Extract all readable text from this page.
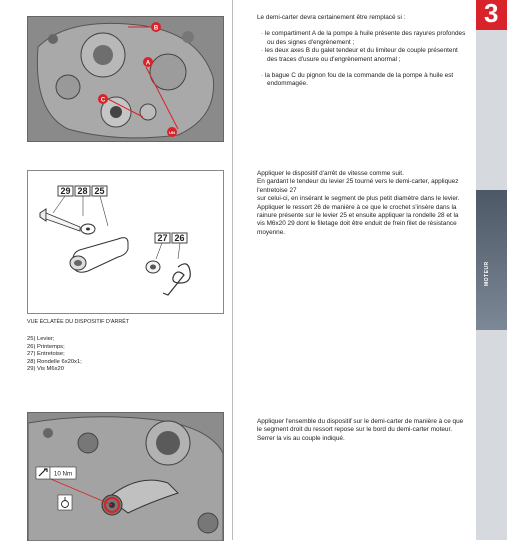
3
MOTEUR
B
A
C
UN

Le demi-carter devra certainement être remplacé si :

· le compartiment A de la pompe à huile présente des rayures profondes ou des signes d'engrènement ;

· les deux axes B du galet tendeur et du limiteur de couple présentent des traces d'usure ou d'engrènement anormal ;

· la bague C du pignon fou de la commande de la pompe à huile est endommagée.

29 28 25
27 26

Appliquer le dispositif d'arrêt de vitesse comme suit.

En gardant le tendeur du levier 25 tourné vers le demi-carter, appliquez l'entretoise 27

sur celui-ci, en insérant le segment de plus petit diamètre dans le levier. Appliquer le ressort 26 de manière à ce que le crochet s'insère dans la rainure présente sur le levier 25 et ensuite appliquer la rondelle 28 et la vis M6x20 29 dont le filetage doit être enduit de frein filet de résistance moyenne.

VUE ÉCLATÉE DU DISPOSITIF D'ARRÊT

25) Levier;

26) Printemps;

27) Entretoise;

28) Rondelle 6x20x1;

29) Vis M6x20

10 Nm
Appliquer l'ensemble du dispositif sur le demi-carter de manière à ce que le segment droit du ressort repose sur le bord du demi-carter moteur. Serrer la vis au couple indiqué.
